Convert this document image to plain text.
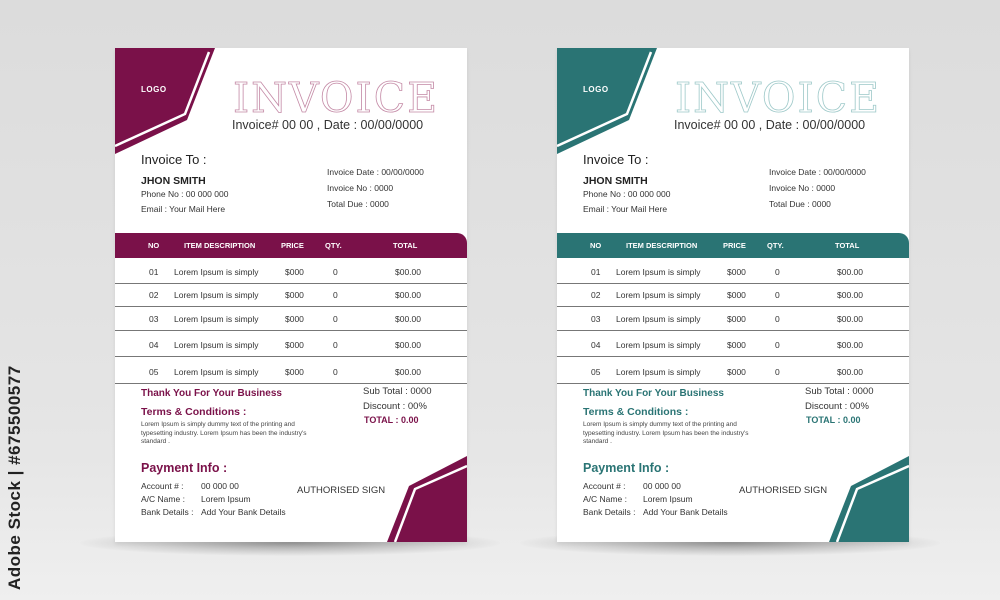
Adobe Stock | #675500577
LOGO INVOICE
Invoice# 00 00 , Date : 00/00/0000
Invoice To :
JHON SMITH
Phone No : 00 000 000
Email : Your Mail Here
Invoice Date : 00/00/0000
Invoice No : 0000
Total Due : 0000
NO	ITEM DESCRIPTION	PRICE	QTY.	TOTAL
01 Lorem Ipsum is simply	$000	0	$00.00
02 Lorem Ipsum is simply	$000	0	$00.00
03 Lorem Ipsum is simply	$000	0	$00.00
04 Lorem Ipsum is simply	$000	0	$00.00
05 Lorem Ipsum is simply	$000	0	$00.00
Thank You For Your Business
Terms & Conditions :
Lorem Ipsum is simply dummy text of the printing and typesetting industry. Lorem Ipsum has been the industry's standard .
Sub Total : 0000
Discount : 00%
TOTAL : 0.00
Payment Info :
Account # : 00 000 00
A/C Name : Lorem Ipsum
Bank Details : Add Your Bank Details
AUTHORISED SIGN
LOGO INVOICE
Invoice# 00 00 , Date : 00/00/0000
Invoice To :
JHON SMITH
Phone No : 00 000 000
Email : Your Mail Here
Invoice Date : 00/00/0000
Invoice No : 0000
Total Due : 0000
NO	ITEM DESCRIPTION	PRICE	QTY.	TOTAL
01 Lorem Ipsum is simply	$000	0	$00.00
02 Lorem Ipsum is simply	$000	0	$00.00
03 Lorem Ipsum is simply	$000	0	$00.00
04 Lorem Ipsum is simply	$000	0	$00.00
05 Lorem Ipsum is simply	$000	0	$00.00
Thank You For Your Business
Terms & Conditions :
Lorem Ipsum is simply dummy text of the printing and typesetting industry. Lorem Ipsum has been the industry's standard .
Sub Total : 0000
Discount : 00%
TOTAL : 0.00
Payment Info :
Account # : 00 000 00
A/C Name : Lorem Ipsum
Bank Details : Add Your Bank Details
AUTHORISED SIGN
